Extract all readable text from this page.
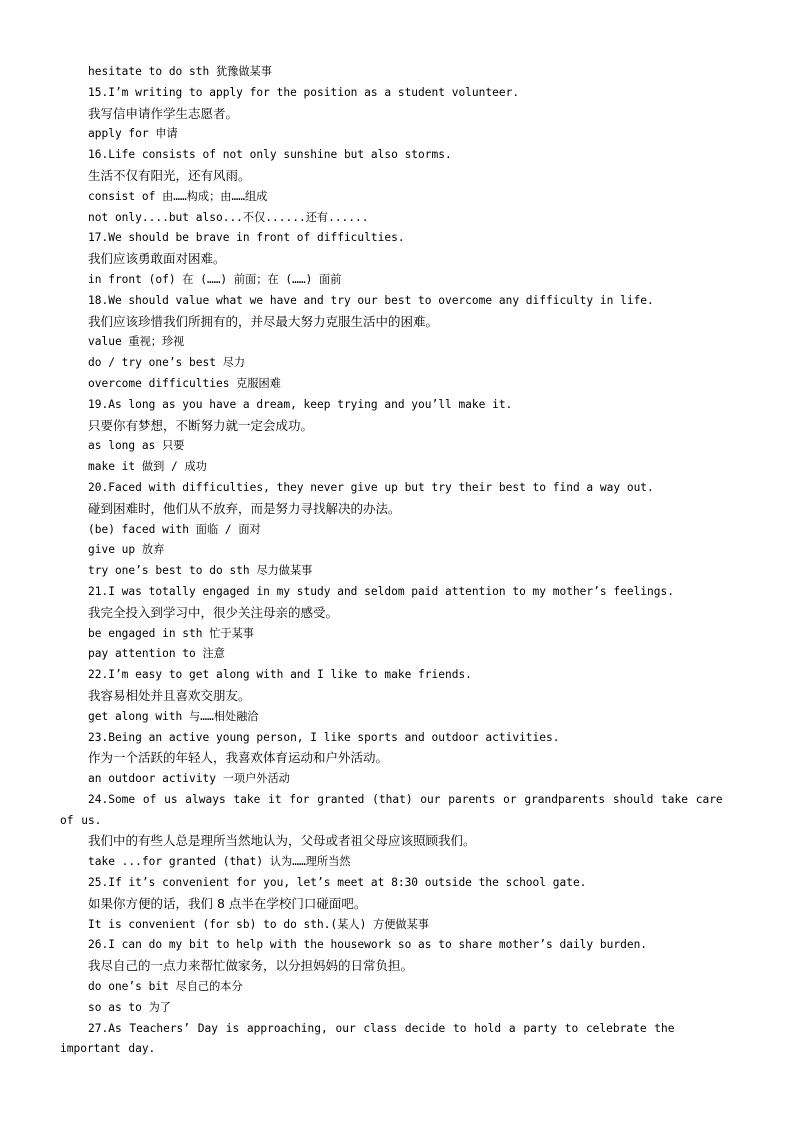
hesitate to do sth 犹豫做某事
15.I’m writing to apply for the position as a student volunteer.
我写信申请作学生志愿者。
apply for 申请
16.Life consists of not only sunshine but also storms.
生活不仅有阳光，还有风雨。
consist of 由……构成；由……组成
not only....but also...不仅......还有......
17.We should be brave in front of difficulties.
我们应该勇敢面对困难。
in front (of) 在 (……) 前面；在 (……) 面前
18.We should value what we have and try our best to overcome any difficulty in life.
我们应该珍惜我们所拥有的，并尽最大努力克服生活中的困难。
value 重视；珍视
do / try one’s best 尽力
overcome difficulties 克服困难
19.As long as you have a dream, keep trying and you’ll make it.
只要你有梦想，不断努力就一定会成功。
as long as 只要
make it 做到 / 成功
20.Faced with difficulties, they never give up but try their best to find a way out.
碰到困难时，他们从不放弃，而是努力寻找解决的办法。
(be) faced with 面临 / 面对
give up 放弃
try one’s best to do sth 尽力做某事
21.I was totally engaged in my study and seldom paid attention to my mother’s feelings.
我完全投入到学习中，很少关注母亲的感受。
be engaged in sth 忙于某事
pay attention to 注意
22.I’m easy to get along with and I like to make friends.
我容易相处并且喜欢交朋友。
get along with 与……相处融洽
23.Being an active young person, I like sports and outdoor activities.
作为一个活跃的年轻人，我喜欢体育运动和户外活动。
an outdoor activity 一项户外活动
24.Some of us always take it for granted (that) our parents or grandparents should take care of us.
我们中的有些人总是理所当然地认为，父母或者祖父母应该照顾我们。
take ...for granted (that) 认为……理所当然
25.If it’s convenient for you, let’s meet at 8:30 outside the school gate.
如果你方便的话，我们 8 点半在学校门口碰面吧。
It is convenient (for sb) to do sth.(某人) 方便做某事
26.I can do my bit to help with the housework so as to share mother’s daily burden.
我尽自己的一点力来帮忙做家务，以分担妈妈的日常负担。
do one’s bit 尽自己的本分
so as to 为了
27.As Teachers’ Day is approaching, our class decide to hold a party to celebrate the important day.
